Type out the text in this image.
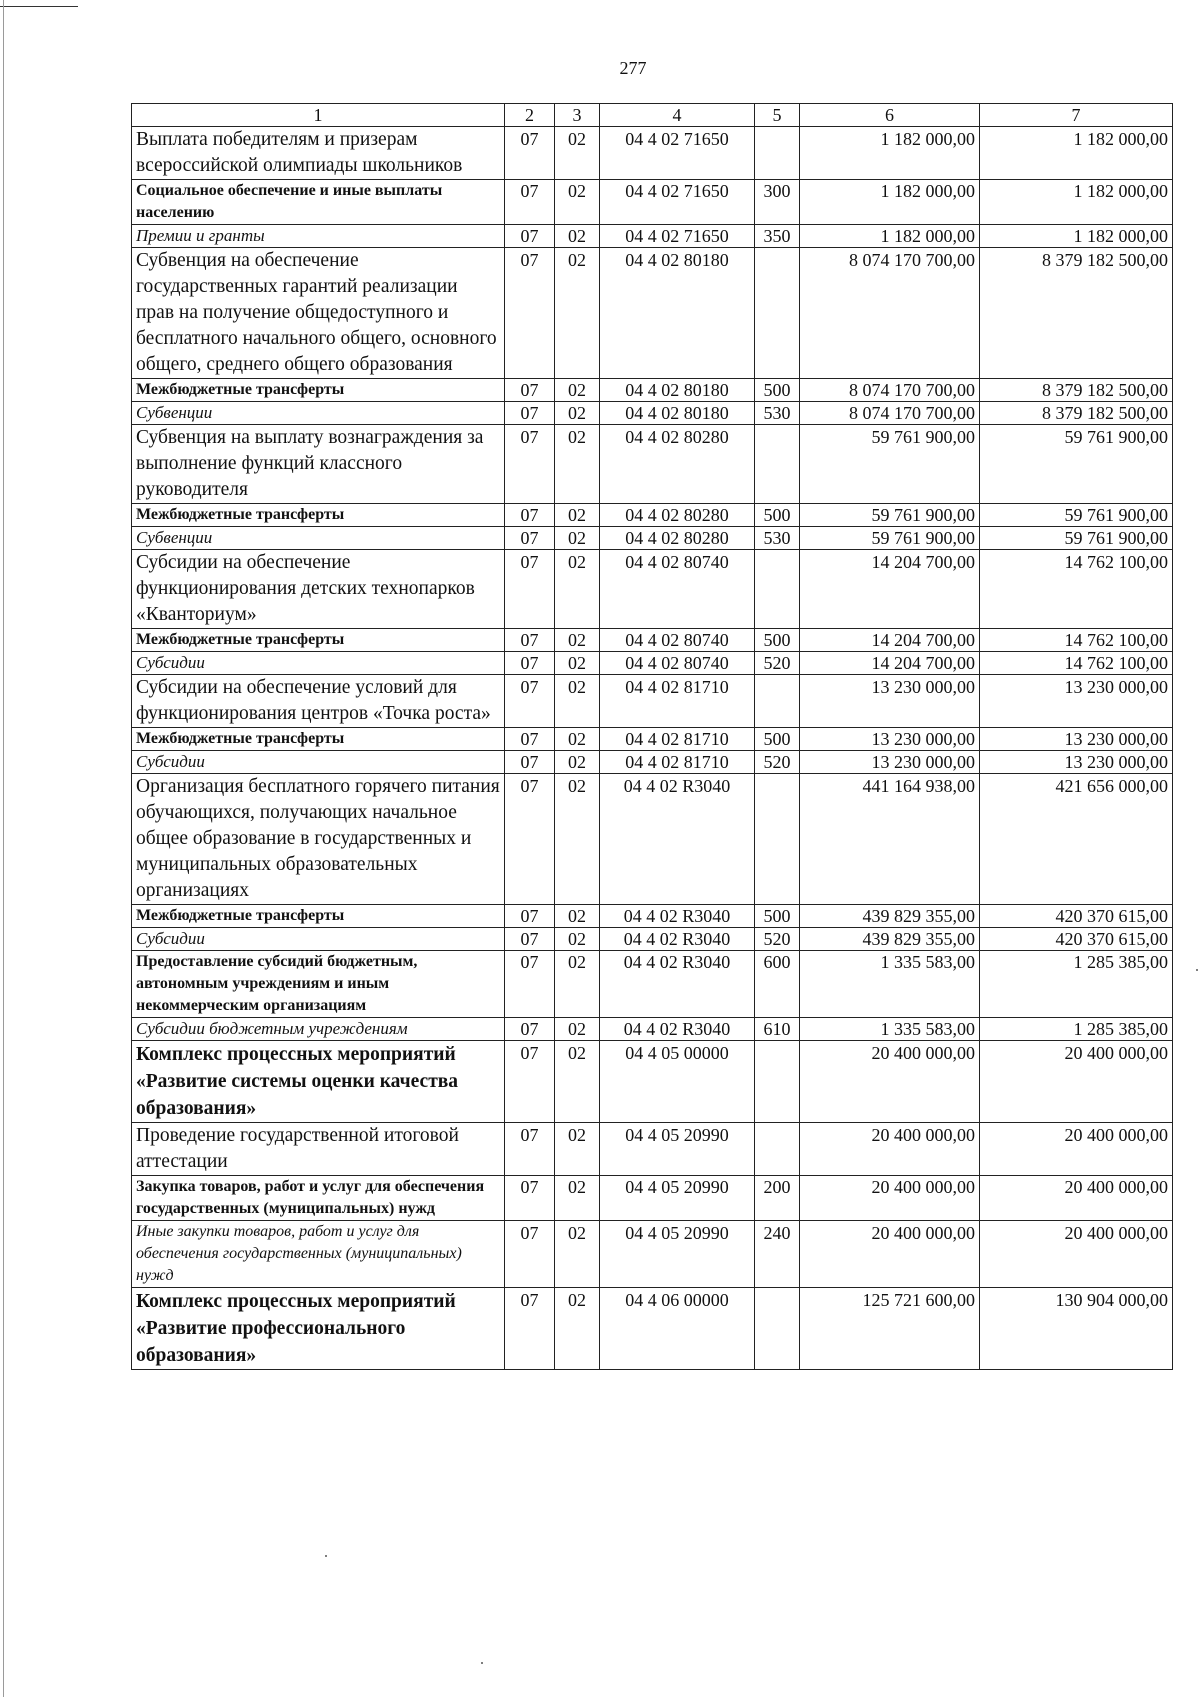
277
1	2	3	4	5	6	7
Выплата победителям и призерам всероссийской олимпиады школьников	07	02	04 4 02 71650		1 182 000,00	1 182 000,00
Социальное обеспечение и иные выплаты населению	07	02	04 4 02 71650	300	1 182 000,00	1 182 000,00
Премии и гранты	07	02	04 4 02 71650	350	1 182 000,00	1 182 000,00
Субвенция на обеспечение государственных гарантий реализации прав на получение общедоступного и бесплатного начального общего, основного общего, среднего общего образования	07	02	04 4 02 80180		8 074 170 700,00	8 379 182 500,00
Межбюджетные трансферты	07	02	04 4 02 80180	500	8 074 170 700,00	8 379 182 500,00
Субвенции	07	02	04 4 02 80180	530	8 074 170 700,00	8 379 182 500,00
Субвенция на выплату вознаграждения за выполнение функций классного руководителя	07	02	04 4 02 80280		59 761 900,00	59 761 900,00
Межбюджетные трансферты	07	02	04 4 02 80280	500	59 761 900,00	59 761 900,00
Субвенции	07	02	04 4 02 80280	530	59 761 900,00	59 761 900,00
Субсидии на обеспечение функционирования детских технопарков «Кванториум»	07	02	04 4 02 80740		14 204 700,00	14 762 100,00
Межбюджетные трансферты	07	02	04 4 02 80740	500	14 204 700,00	14 762 100,00
Субсидии	07	02	04 4 02 80740	520	14 204 700,00	14 762 100,00
Субсидии на обеспечение условий для функционирования центров «Точка роста»	07	02	04 4 02 81710		13 230 000,00	13 230 000,00
Межбюджетные трансферты	07	02	04 4 02 81710	500	13 230 000,00	13 230 000,00
Субсидии	07	02	04 4 02 81710	520	13 230 000,00	13 230 000,00
Организация бесплатного горячего питания обучающихся, получающих начальное общее образование в государственных и муниципальных образовательных организациях	07	02	04 4 02 R3040		441 164 938,00	421 656 000,00
Межбюджетные трансферты	07	02	04 4 02 R3040	500	439 829 355,00	420 370 615,00
Субсидии	07	02	04 4 02 R3040	520	439 829 355,00	420 370 615,00
Предоставление субсидий бюджетным, автономным учреждениям и иным некоммерческим организациям	07	02	04 4 02 R3040	600	1 335 583,00	1 285 385,00
Субсидии бюджетным учреждениям	07	02	04 4 02 R3040	610	1 335 583,00	1 285 385,00
Комплекс процессных мероприятий «Развитие системы оценки качества образования»	07	02	04 4 05 00000		20 400 000,00	20 400 000,00
Проведение государственной итоговой аттестации	07	02	04 4 05 20990		20 400 000,00	20 400 000,00
Закупка товаров, работ и услуг для обеспечения государственных (муниципальных) нужд	07	02	04 4 05 20990	200	20 400 000,00	20 400 000,00
Иные закупки товаров, работ и услуг для обеспечения государственных (муниципальных) нужд	07	02	04 4 05 20990	240	20 400 000,00	20 400 000,00
Комплекс процессных мероприятий «Развитие профессионального образования»	07	02	04 4 06 00000		125 721 600,00	130 904 000,00
